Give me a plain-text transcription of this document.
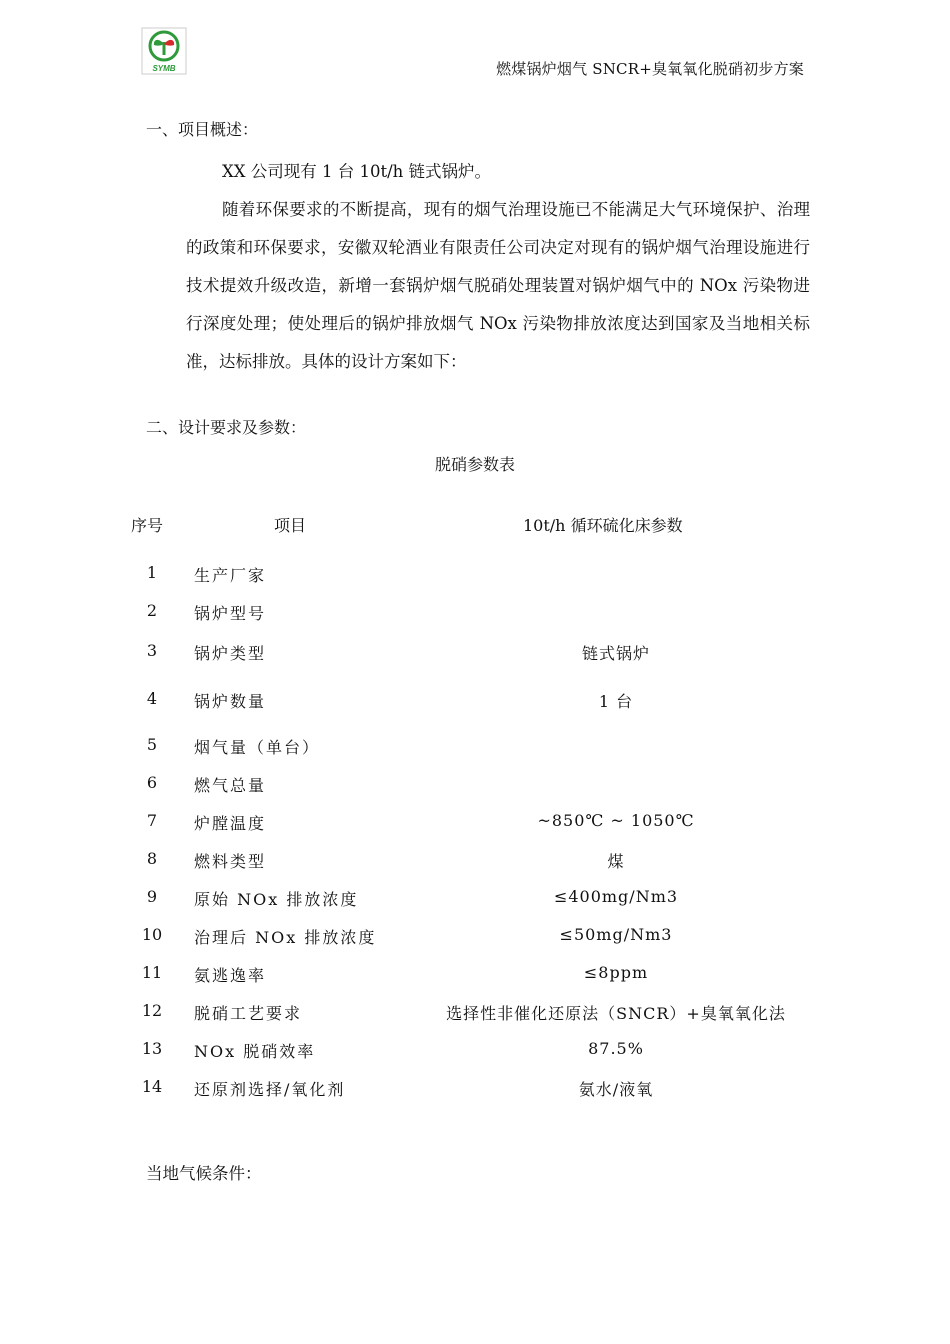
SYMB	燃煤锅炉烟气 SNCR+臭氧氧化脱硝初步方案
一、项目概述：
XX 公司现有 1 台 10t/h 链式锅炉。
随着环保要求的不断提高，现有的烟气治理设施已不能满足大气环境保护、治理的政策和环保要求，安徽双轮酒业有限责任公司决定对现有的锅炉烟气治理设施进行技术提效升级改造，新增一套锅炉烟气脱硝处理装置对锅炉烟气中的 NOx 污染物进行深度处理；使处理后的锅炉排放烟气 NOx 污染物排放浓度达到国家及当地相关标准，达标排放。具体的设计方案如下：
二、设计要求及参数：
脱硝参数表
序号	项目	10t/h 循环硫化床参数
1	生产厂家
2	锅炉型号
3	锅炉类型	链式锅炉
4	锅炉数量	1 台
5	烟气量（单台）
6	燃气总量
7	炉膛温度	~850℃ ~ 1050℃
8	燃料类型	煤
9	原始 NOx 排放浓度	≤400mg/Nm3
10	治理后 NOx 排放浓度	≤50mg/Nm3
11	氨逃逸率	≤8ppm
12	脱硝工艺要求	选择性非催化还原法（SNCR）+臭氧氧化法
13	NOx 脱硝效率	87.5%
14	还原剂选择/氧化剂	氨水/液氧
当地气候条件：
